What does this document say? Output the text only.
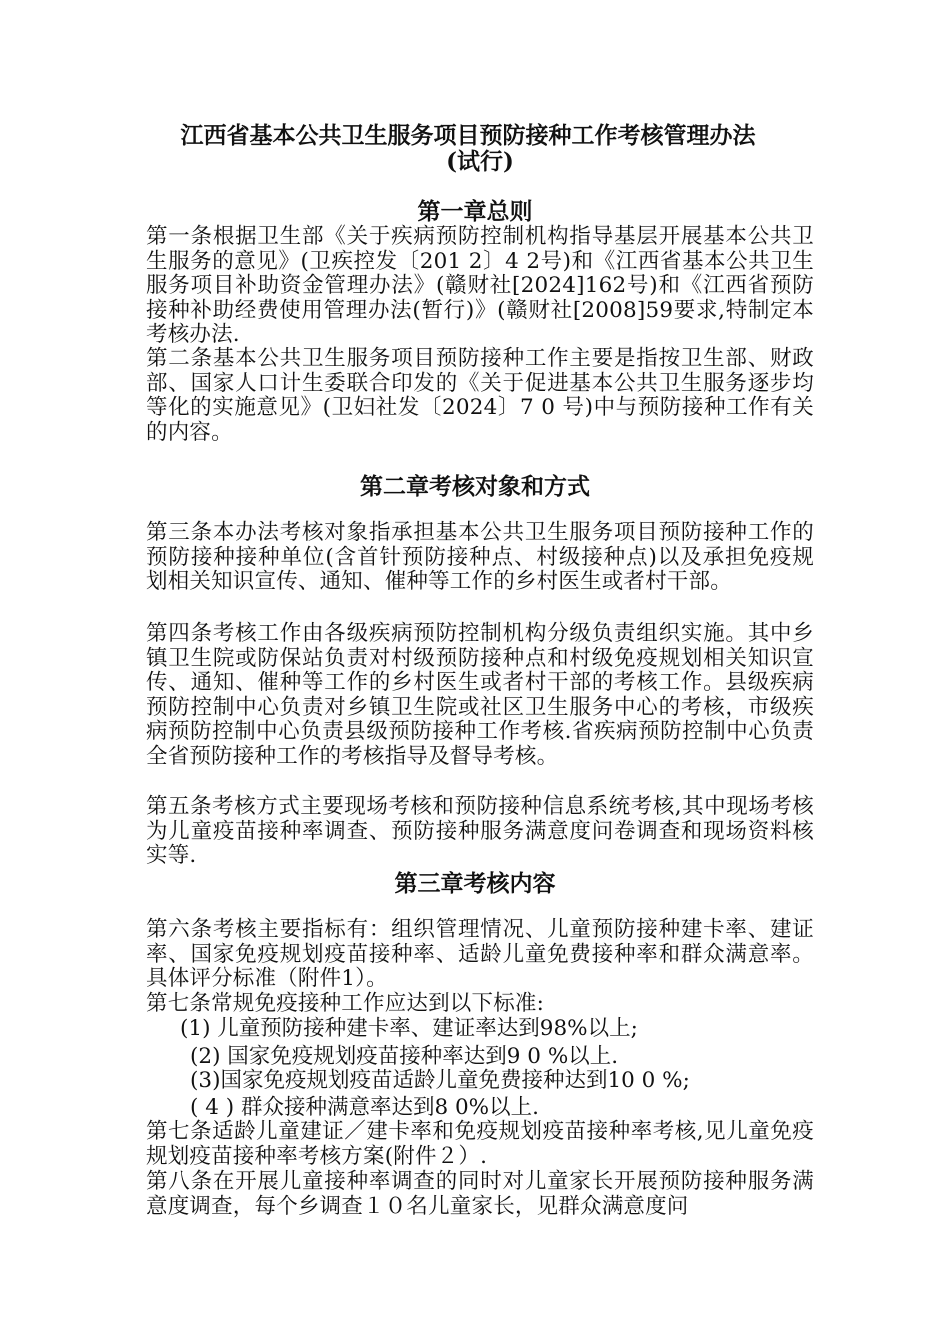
江西省基本公共卫生服务项目预防接种工作考核管理办法
(试行)
第一章总则
第一条根据卫生部《关于疾病预防控制机构指导基层开展基本公共卫生服务的意见》(卫疾控发〔201 2〕4 2号)和《江西省基本公共卫生服务项目补助资金管理办法》(赣财社[2024]162号)和《江西省预防接种补助经费使用管理办法(暂行)》(赣财社[2008]59要求,特制定本考核办法.
第二条基本公共卫生服务项目预防接种工作主要是指按卫生部、财政部、国家人口计生委联合印发的《关于促进基本公共卫生服务逐步均等化的实施意见》(卫妇社发〔2024〕7 0 号)中与预防接种工作有关的内容。
第二章考核对象和方式
第三条本办法考核对象指承担基本公共卫生服务项目预防接种工作的预防接种接种单位(含首针预防接种点、村级接种点)以及承担免疫规划相关知识宣传、通知、催种等工作的乡村医生或者村干部。
第四条考核工作由各级疾病预防控制机构分级负责组织实施。其中乡镇卫生院或防保站负责对村级预防接种点和村级免疫规划相关知识宣传、通知、催种等工作的乡村医生或者村干部的考核工作。县级疾病预防控制中心负责对乡镇卫生院或社区卫生服务中心的考核，市级疾病预防控制中心负责县级预防接种工作考核.省疾病预防控制中心负责全省预防接种工作的考核指导及督导考核。
第五条考核方式主要现场考核和预防接种信息系统考核,其中现场考核为儿童疫苗接种率调查、预防接种服务满意度问卷调查和现场资料核实等.
第三章考核内容
第六条考核主要指标有：组织管理情况、儿童预防接种建卡率、建证率、国家免疫规划疫苗接种率、适龄儿童免费接种率和群众满意率。具体评分标准（附件1）。
第七条常规免疫接种工作应达到以下标准:
(1) 儿童预防接种建卡率、建证率达到98%以上;
(2) 国家免疫规划疫苗接种率达到9 0 %以上.
(3)国家免疫规划疫苗适龄儿童免费接种达到10 0 %;
( 4 ) 群众接种满意率达到8 0%以上.
第七条适龄儿童建证／建卡率和免疫规划疫苗接种率考核,见儿童免疫规划疫苗接种率考核方案(附件２）.
第八条在开展儿童接种率调查的同时对儿童家长开展预防接种服务满意度调查，每个乡调查１０名儿童家长，见群众满意度问
